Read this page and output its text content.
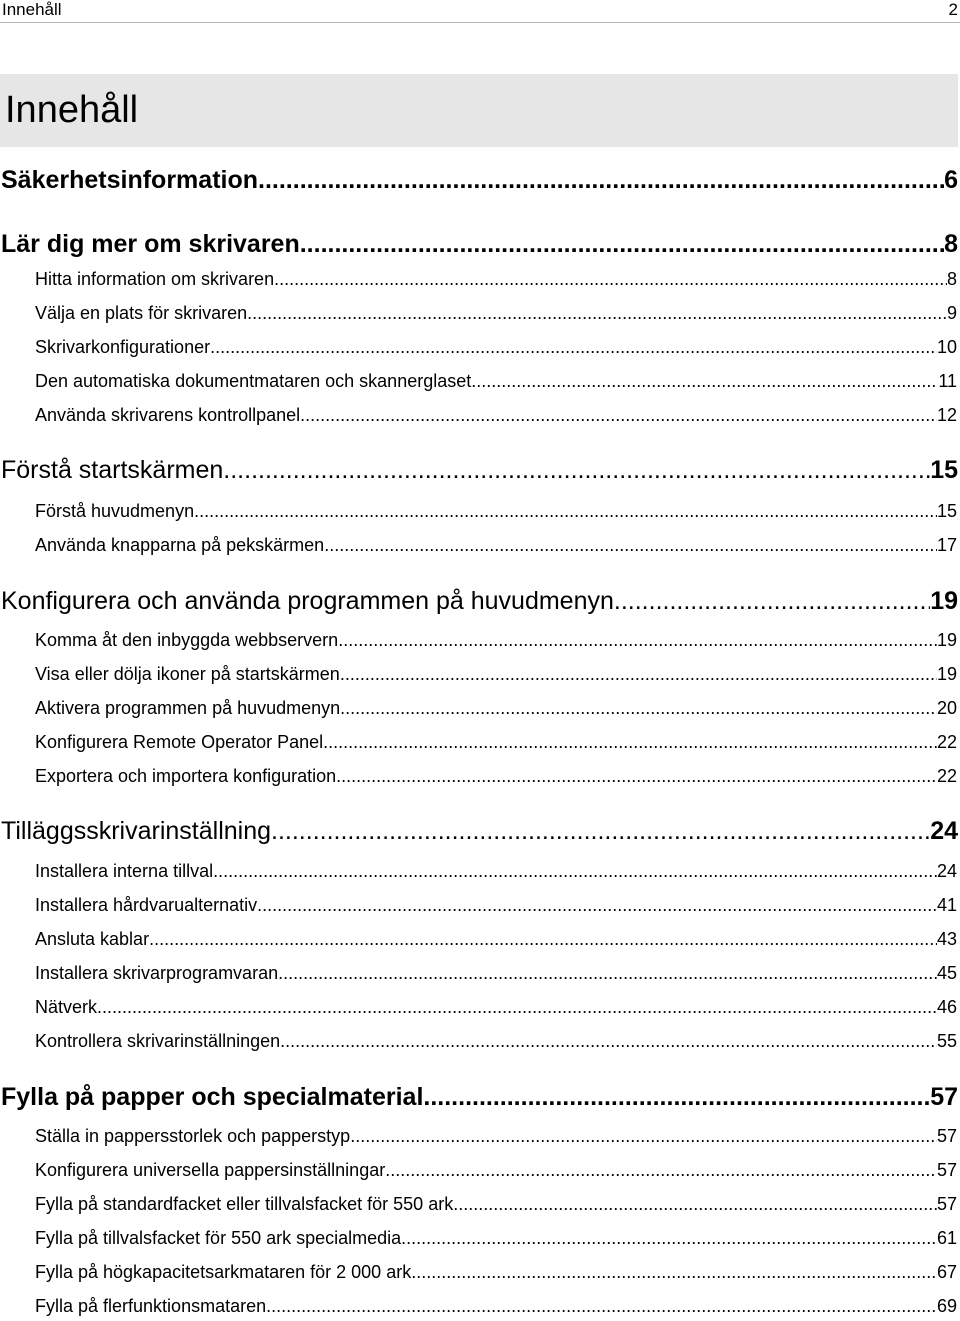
Innehåll	2
Innehåll
Säkerhetsinformation .....	6
Lär dig mer om skrivaren .....	8
Hitta information om skrivaren .....	8
Välja en plats för skrivaren .....	9
Skrivarkonfigurationer .....	10
Den automatiska dokumentmataren och skannerglaset .....	11
Använda skrivarens kontrollpanel .....	12
Förstå startskärmen .....	15
Förstå huvudmenyn .....	15
Använda knapparna på pekskärmen .....	17
Konfigurera och använda programmen på huvudmenyn .....	19
Komma åt den inbyggda webbservern .....	19
Visa eller dölja ikoner på startskärmen .....	19
Aktivera programmen på huvudmenyn .....	20
Konfigurera Remote Operator Panel .....	22
Exportera och importera konfiguration .....	22
Tilläggsskrivarinställning .....	24
Installera interna tillval .....	24
Installera hårdvarualternativ .....	41
Ansluta kablar .....	43
Installera skrivarprogramvaran .....	45
Nätverk .....	46
Kontrollera skrivarinställningen .....	55
Fylla på papper och specialmaterial .....	57
Ställa in pappersstorlek och papperstyp .....	57
Konfigurera universella pappersinställningar .....	57
Fylla på standardfacket eller tillvalsfacket för 550 ark .....	57
Fylla på tillvalsfacket för 550 ark specialmedia .....	61
Fylla på högkapacitetsarkmataren för 2 000 ark .....	67
Fylla på flerfunktionsmataren .....	69
